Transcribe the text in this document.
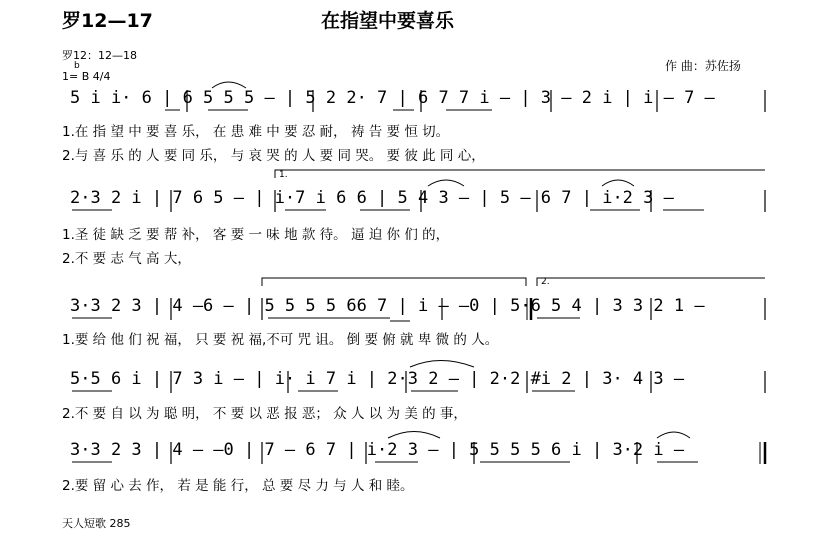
罗12—17	在指望中要喜乐
罗12：12—18
b
1= B 4/4
作 曲：苏佐扬
5 i i· 6 | 6 5 5 5 – | 5 2 2· 7 | 6 7 7 i – | 3 – 2 i | i – 7 –
1.在 指 望 中 要 喜 乐， 在 患 难 中 要 忍 耐， 祷 告 要 恒 切。
2.与 喜 乐 的 人 要 同 乐， 与 哀 哭 的 人 要 同 哭。 要 彼 此 同 心，
1.
2·3 2 i | 7 6 5 – | i·7 i 6 6 | 5 4 3 – | 5 – 6 7 | i·2 3 –
1.圣 徒 缺 乏 要 帮 补， 客 要 一 味 地 款 待。 逼 迫 你 们 的，
2.不 要 志 气 高 大，
2.
3·3 2 3 | 4 –6 – | 5 5 5 5 66 7 | i – –0 | 5·6 5 4 | 3 3 2 1 –
1.要 给 他 们 祝 福， 只 要 祝 福,不可 咒 诅。 倒 要 俯 就 卑 微 的 人。
5·5 6 i | 7 3 i – | i· i 7 i | 2·3 2 – | 2·2 #i 2 | 3· 4 3 –
2.不 要 自 以 为 聪 明， 不 要 以 恶 报 恶； 众 人 以 为 美 的 事，
3·3 2 3 | 4 – –0 | 7 – 6 7 | i·2 3 – | 5 5 5 5 6 i | 3·2 i –
2.要 留 心 去 作， 若 是 能 行， 总 要 尽 力 与 人 和 睦。
天人短歌 285
